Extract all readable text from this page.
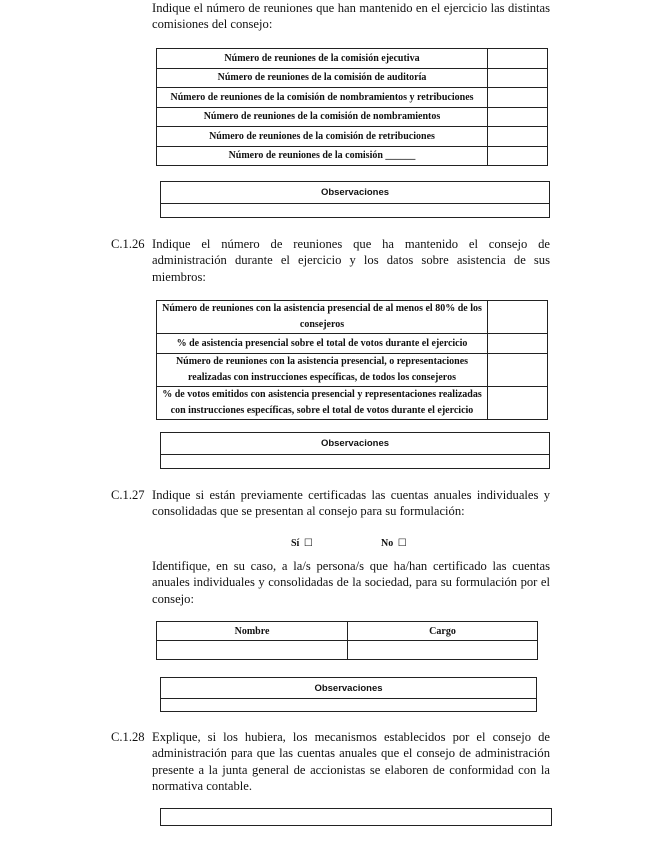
Indique el número de reuniones que han mantenido en el ejercicio las distintas comisiones del consejo:
Número de reuniones de la comisión ejecutiva	
Número de reuniones de la comisión de auditoría	
Número de reuniones de la comisión de nombramientos y retribuciones	
Número de reuniones de la comisión de nombramientos	
Número de reuniones de la comisión de retribuciones	
Número de reuniones de la comisión ______	
Observaciones

C.1.26 Indique el número de reuniones que ha mantenido el consejo de administración durante el ejercicio y los datos sobre asistencia de sus miembros:
Número de reuniones con la asistencia presencial de al menos el 80% de los consejeros	
% de asistencia presencial sobre el total de votos durante el ejercicio	
Número de reuniones con la asistencia presencial, o representaciones realizadas con instrucciones específicas, de todos los consejeros	
% de votos emitidos con asistencia presencial y representaciones realizadas con instrucciones específicas, sobre el total de votos durante el ejercicio	
Observaciones

C.1.27 Indique si están previamente certificadas las cuentas anuales individuales y consolidadas que se presentan al consejo para su formulación:
Sí ☐	No ☐
Identifique, en su caso, a la/s persona/s que ha/han certificado las cuentas anuales individuales y consolidadas de la sociedad, para su formulación por el consejo:
Nombre	Cargo

Observaciones

C.1.28 Explique, si los hubiera, los mecanismos establecidos por el consejo de administración para que las cuentas anuales que el consejo de administración presente a la junta general de accionistas se elaboren de conformidad con la normativa contable.
